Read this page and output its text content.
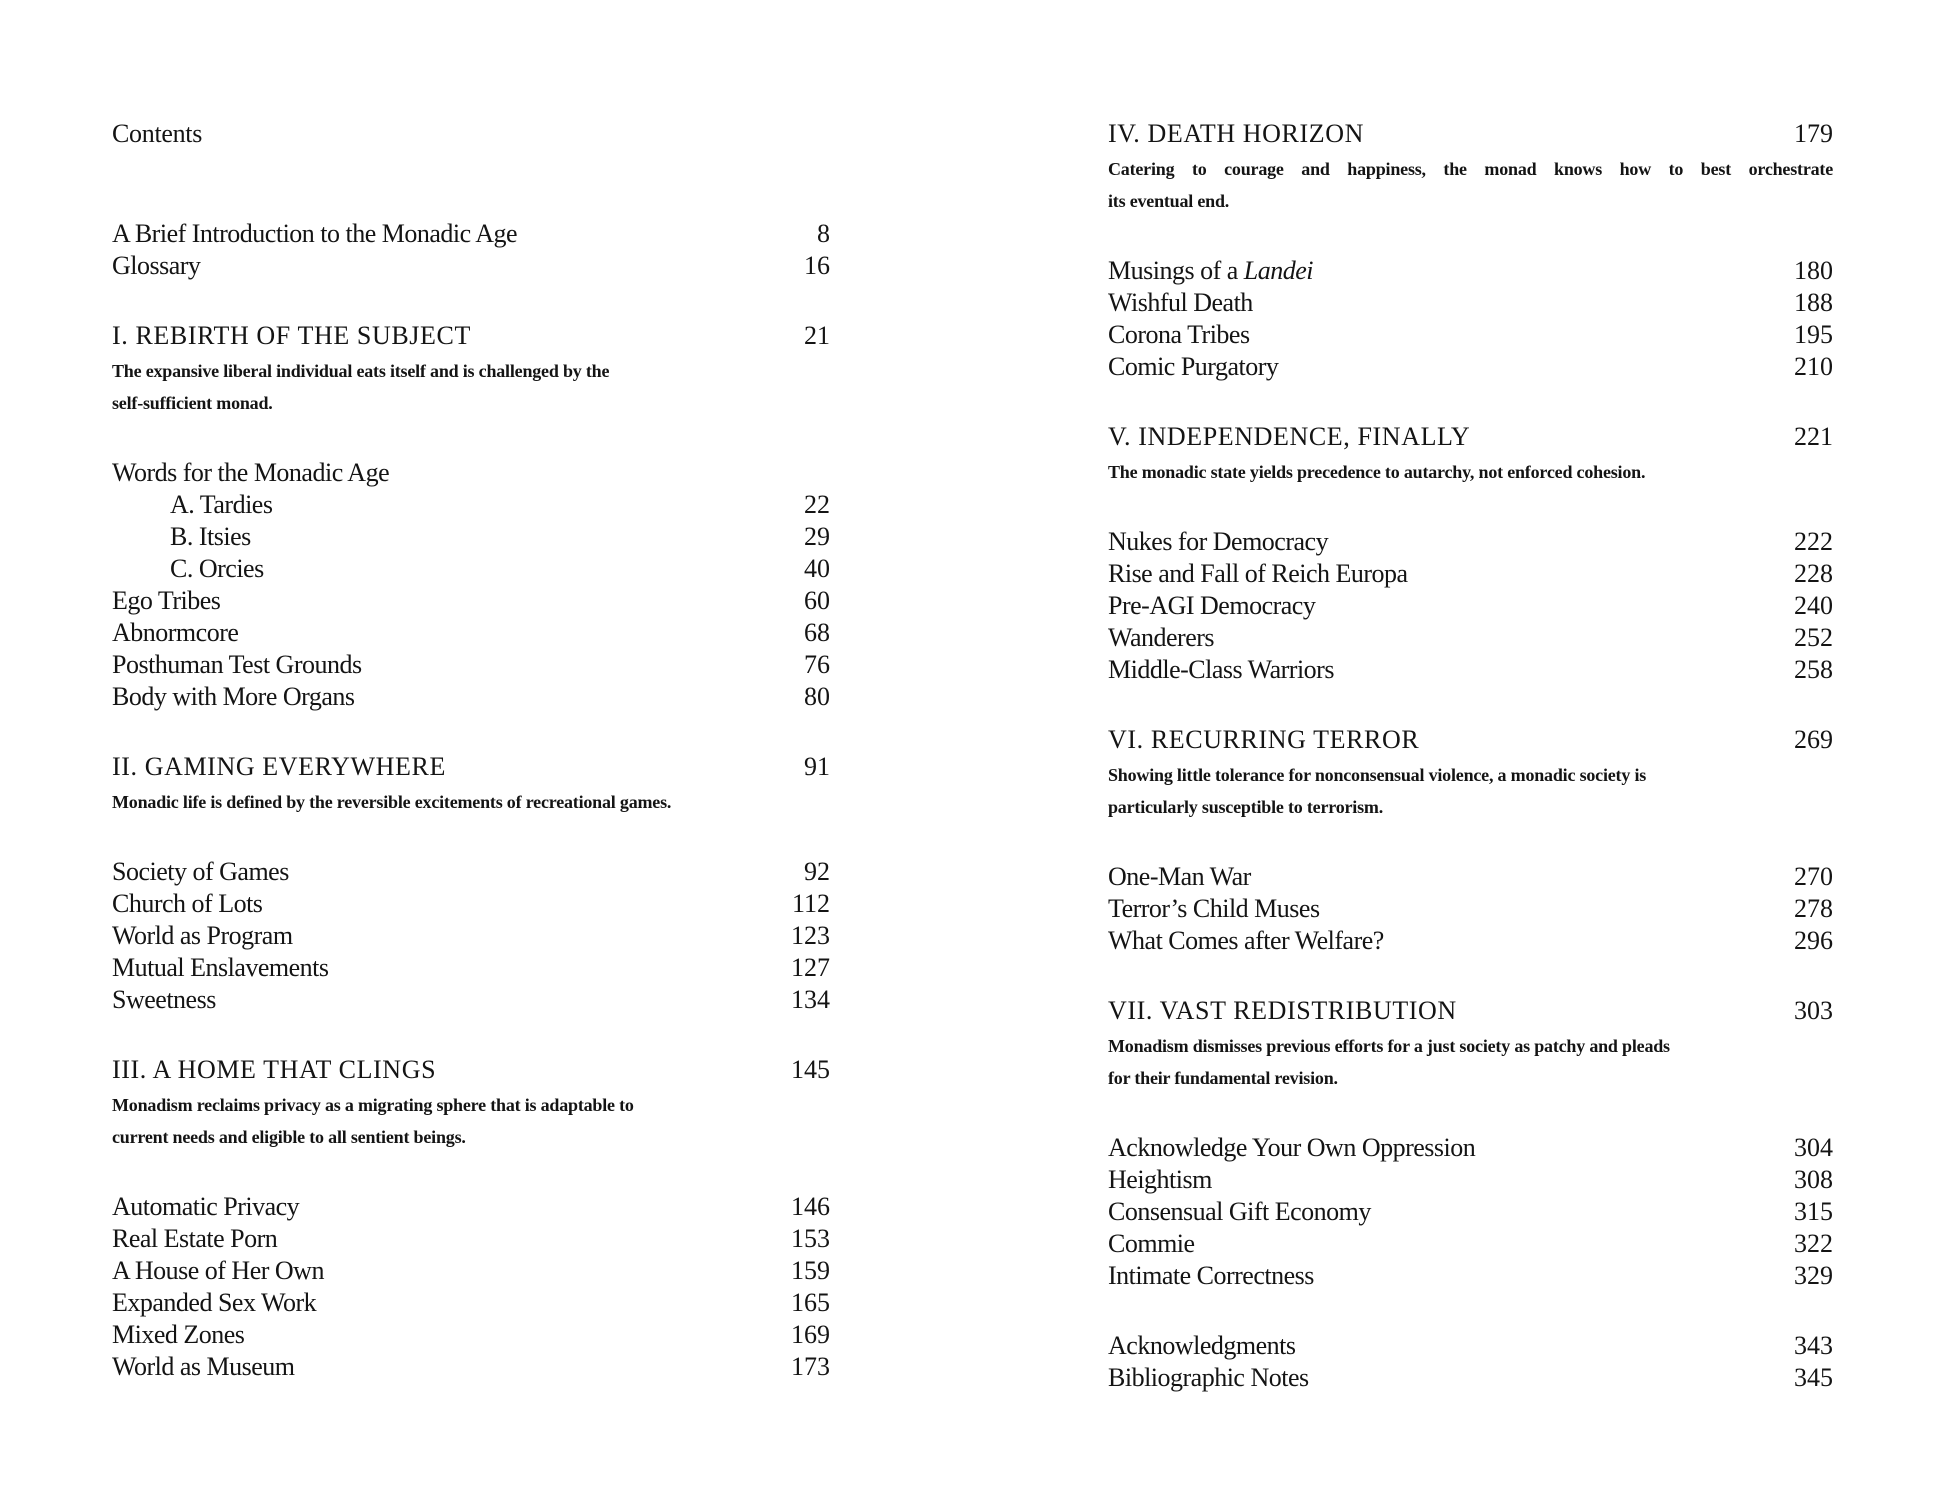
Contents
A Brief Introduction to the Monadic Age	8
Glossary	16
I. REBIRTH OF THE SUBJECT	21
The expansive liberal individual eats itself and is challenged by the
self-sufficient monad.
Words for the Monadic Age
A. Tardies	22
B. Itsies	29
C. Orcies	40
Ego Tribes	60
Abnormcore	68
Posthuman Test Grounds	76
Body with More Organs	80
II. GAMING EVERYWHERE	91
Monadic life is defined by the reversible excitements of recreational games.
Society of Games	92
Church of Lots	112
World as Program	123
Mutual Enslavements	127
Sweetness	134
III. A HOME THAT CLINGS	145
Monadism reclaims privacy as a migrating sphere that is adaptable to
current needs and eligible to all sentient beings.
Automatic Privacy	146
Real Estate Porn	153
A House of Her Own	159
Expanded Sex Work	165
Mixed Zones	169
World as Museum	173
IV. DEATH HORIZON	179
Catering to courage and happiness, the monad knows how to best orchestrate
its eventual end.
Musings of a Landei	180
Wishful Death	188
Corona Tribes	195
Comic Purgatory	210
V. INDEPENDENCE, FINALLY	221
The monadic state yields precedence to autarchy, not enforced cohesion.
Nukes for Democracy	222
Rise and Fall of Reich Europa	228
Pre-AGI Democracy	240
Wanderers	252
Middle-Class Warriors	258
VI. RECURRING TERROR	269
Showing little tolerance for nonconsensual violence, a monadic society is
particularly susceptible to terrorism.
One-Man War	270
Terror’s Child Muses	278
What Comes after Welfare?	296
VII. VAST REDISTRIBUTION	303
Monadism dismisses previous efforts for a just society as patchy and pleads
for their fundamental revision.
Acknowledge Your Own Oppression	304
Heightism	308
Consensual Gift Economy	315
Commie	322
Intimate Correctness	329
Acknowledgments	343
Bibliographic Notes	345
